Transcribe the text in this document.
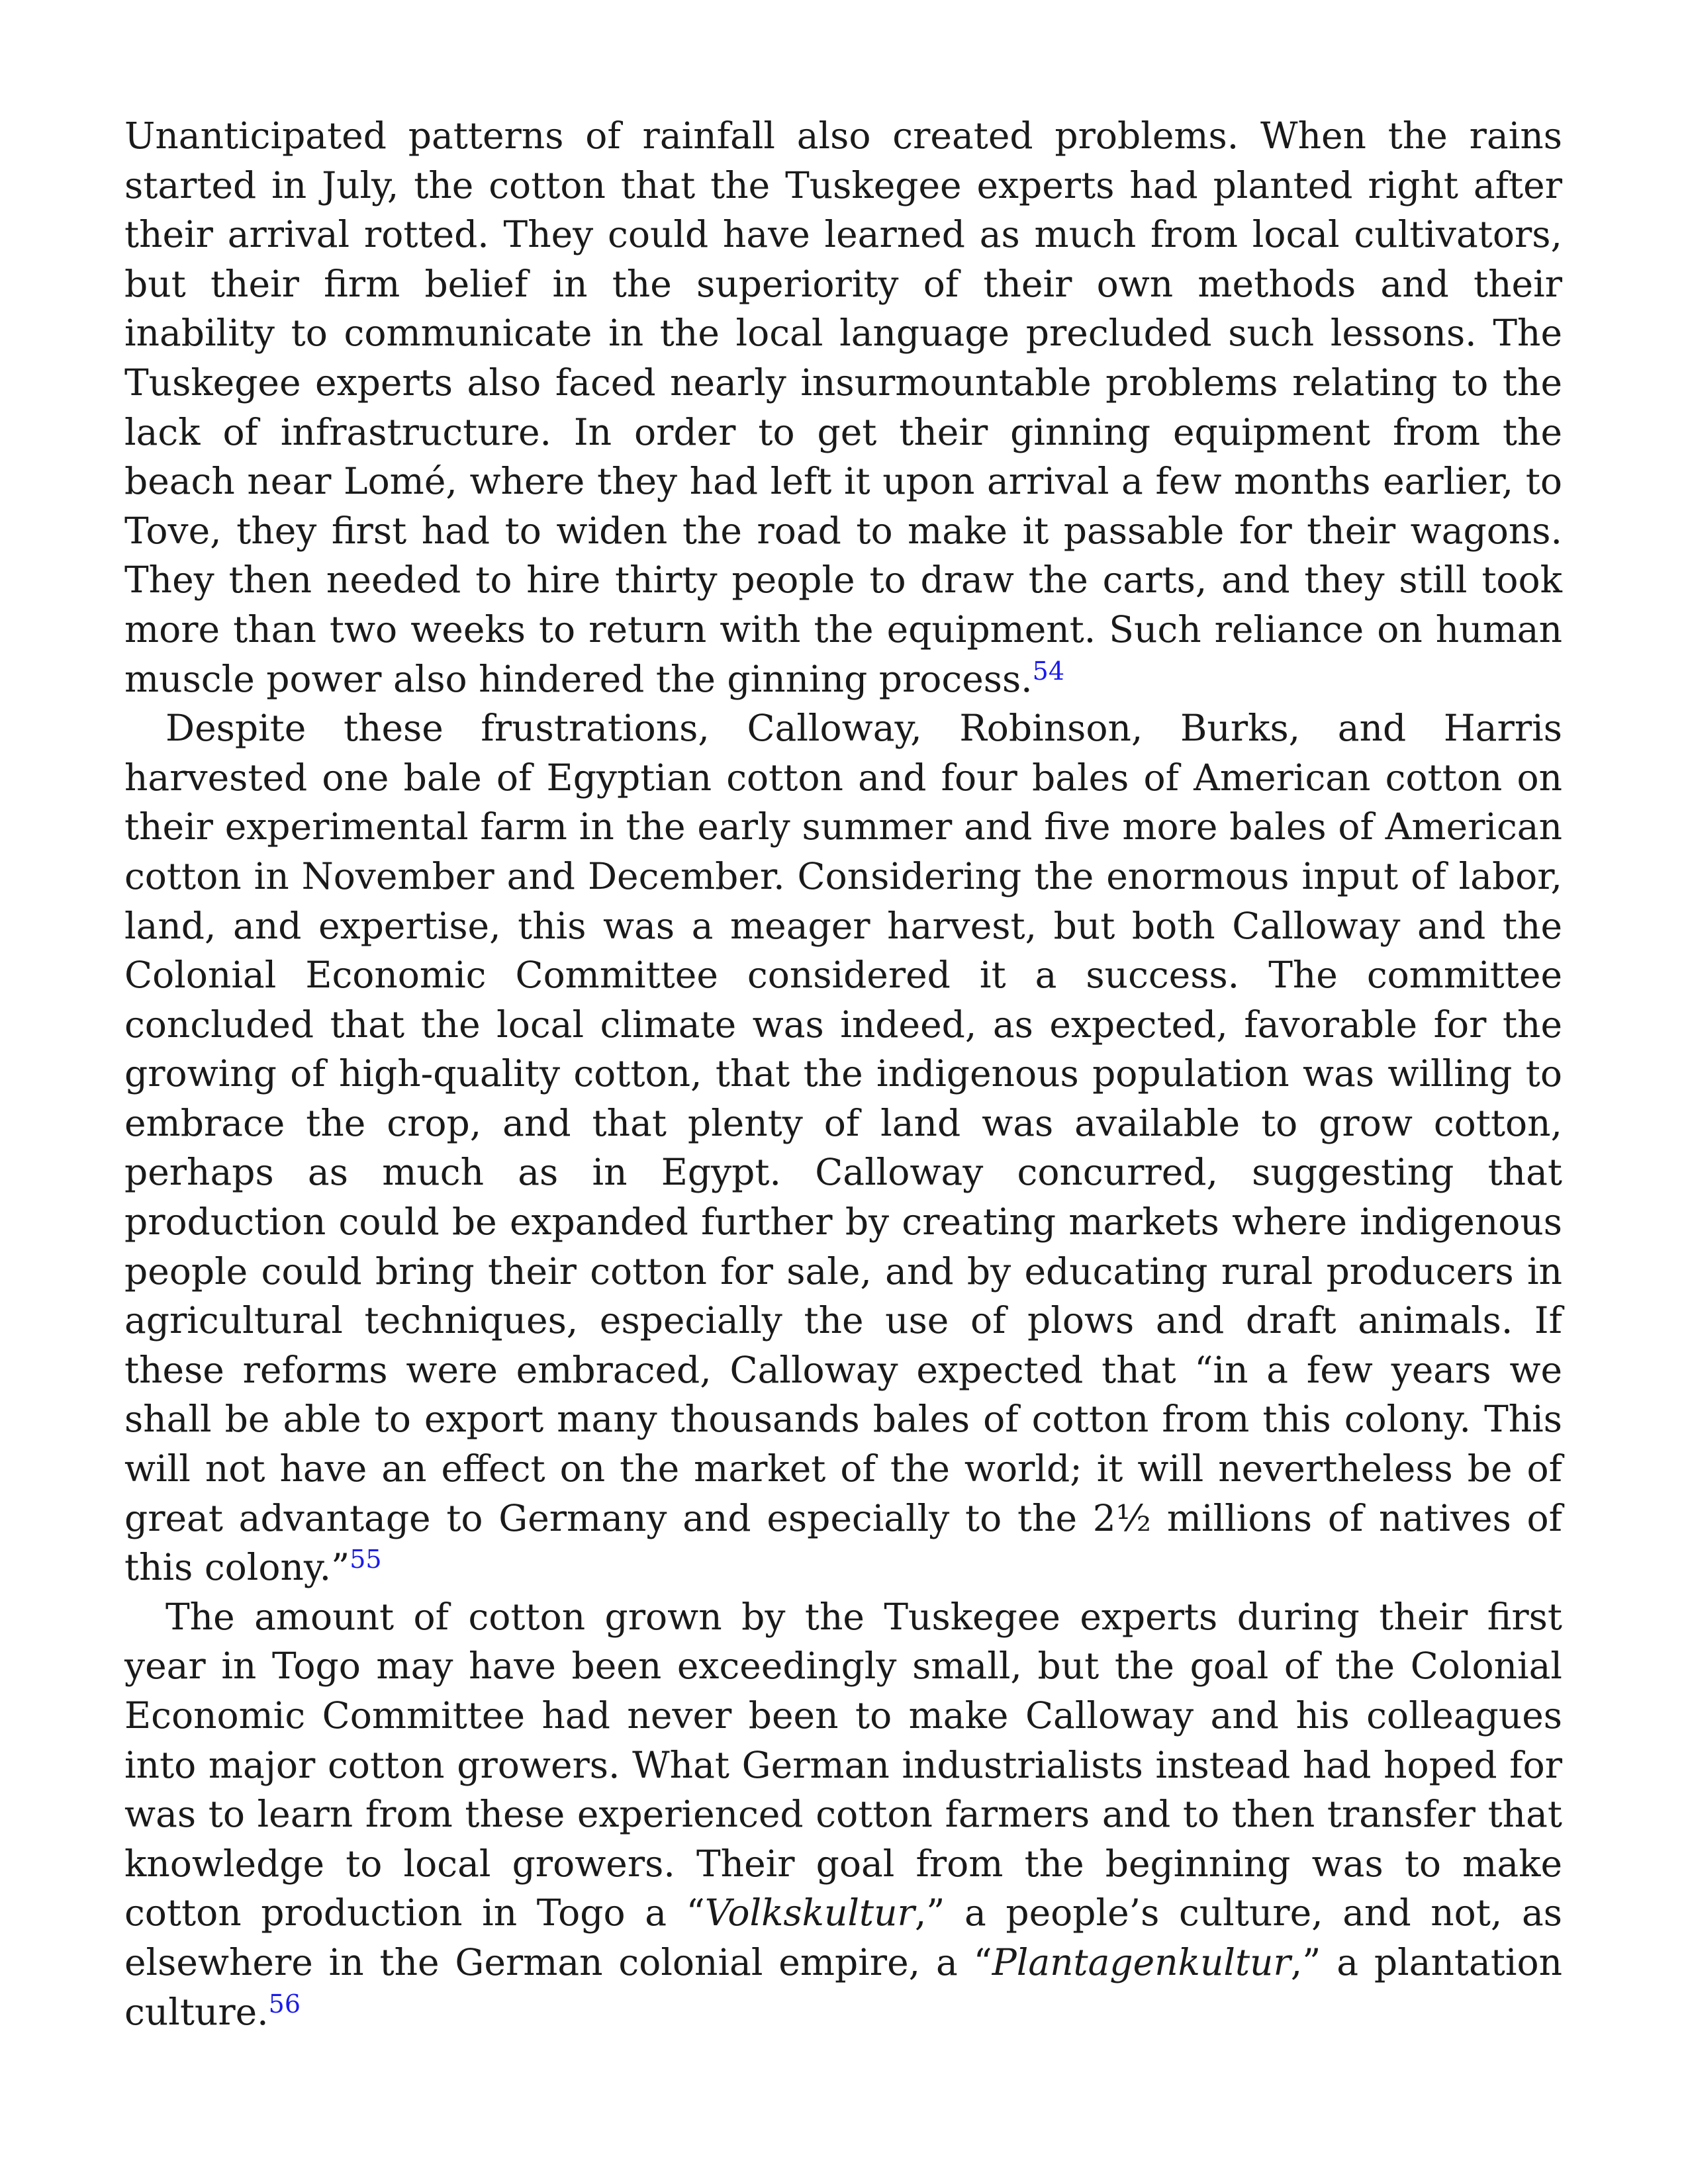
Unanticipated patterns of rainfall also created problems. When the rains started in July, the cotton that the Tuskegee experts had planted right after their arrival rotted. They could have learned as much from local cultivators, but their firm belief in the superiority of their own methods and their inability to communicate in the local language precluded such lessons. The Tuskegee experts also faced nearly insurmountable problems relating to the lack of infrastructure. In order to get their ginning equipment from the beach near Lomé, where they had left it upon arrival a few months earlier, to Tove, they first had to widen the road to make it passable for their wagons. They then needed to hire thirty people to draw the carts, and they still took more than two weeks to return with the equipment. Such reliance on human muscle power also hindered the ginning process.$^{54}$

Despite these frustrations, Calloway, Robinson, Burks, and Harris harvested one bale of Egyptian cotton and four bales of American cotton on their experimental farm in the early summer and five more bales of American cotton in November and December. Considering the enormous input of labor, land, and expertise, this was a meager harvest, but both Calloway and the Colonial Economic Committee considered it a success. The committee concluded that the local climate was indeed, as expected, favorable for the growing of high-quality cotton, that the indigenous population was willing to embrace the crop, and that plenty of land was available to grow cotton, perhaps as much as in Egypt. Calloway concurred, suggesting that production could be expanded further by creating markets where indigenous people could bring their cotton for sale, and by educating rural producers in agricultural techniques, especially the use of plows and draft animals. If these reforms were embraced, Calloway expected that “in a few years we shall be able to export many thousands bales of cotton from this colony. This will not have an effect on the market of the world; it will nevertheless be of great advantage to Germany and especially to the 2½ millions of natives of this colony.”$^{55}$

The amount of cotton grown by the Tuskegee experts during their first year in Togo may have been exceedingly small, but the goal of the Colonial Economic Committee had never been to make Calloway and his colleagues into major cotton growers. What German industrialists instead had hoped for was to learn from these experienced cotton farmers and to then transfer that knowledge to local growers. Their goal from the beginning was to make cotton production in Togo a “Volkskultur,” a people’s culture, and not, as elsewhere in the German colonial empire, a “Plantagenkultur,” a plantation culture.$^{56}$
